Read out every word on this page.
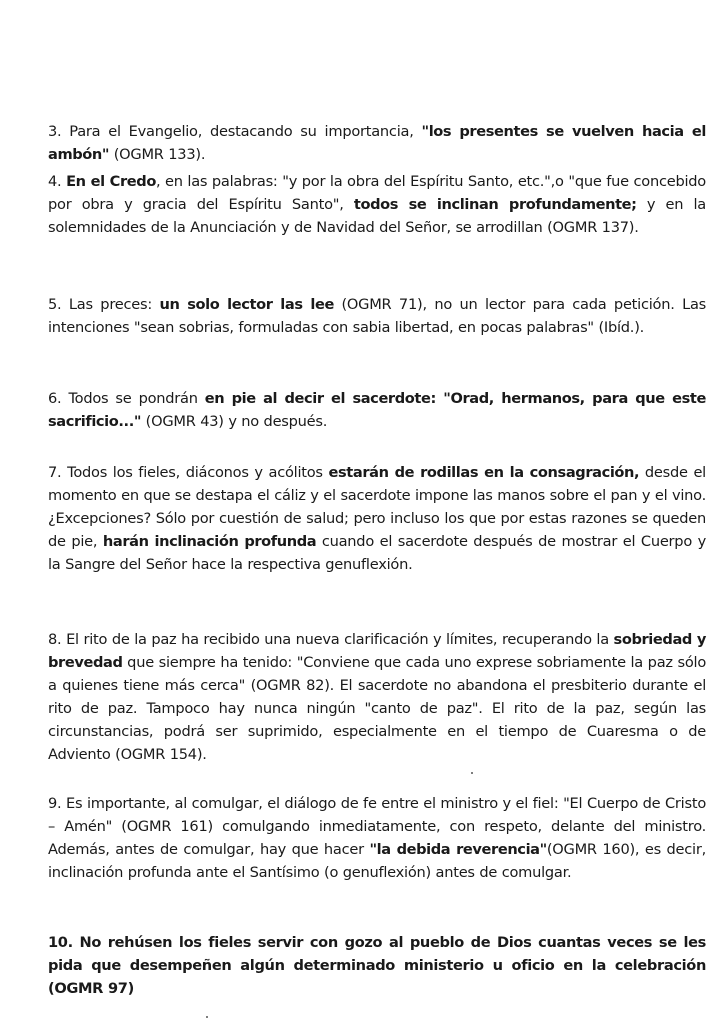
3. Para el Evangelio, destacando su importancia, "los presentes se vuelven hacia el ambón" (OGMR 133).

4. En el Credo, en las palabras: "y por la obra del Espíritu Santo, etc.",o "que fue concebido por obra y gracia del Espíritu Santo", todos se inclinan profundamente; y en la solemnidades de la Anunciación y de Navidad del Señor, se arrodillan (OGMR 137).

5. Las preces: un solo lector las lee (OGMR 71), no un lector para cada petición. Las intenciones "sean sobrias, formuladas con sabia libertad, en pocas palabras" (Ibíd.).

6. Todos se pondrán en pie al decir el sacerdote: "Orad, hermanos, para que este sacrificio..." (OGMR 43) y no después.

7. Todos los fieles, diáconos y acólitos estarán de rodillas en la consagración, desde el momento en que se destapa el cáliz y el sacerdote impone las manos sobre el pan y el vino. ¿Excepciones? Sólo por cuestión de salud; pero incluso los que por estas razones se queden de pie, harán inclinación profunda cuando el sacerdote después de mostrar el Cuerpo y la Sangre del Señor hace la respectiva genuflexión.

8. El rito de la paz ha recibido una nueva clarificación y límites, recuperando la sobriedad y brevedad que siempre ha tenido: "Conviene que cada uno exprese sobriamente la paz sólo a quienes tiene más cerca" (OGMR 82). El sacerdote no abandona el presbiterio durante el rito de paz. Tampoco hay nunca ningún "canto de paz". El rito de la paz, según las circunstancias, podrá ser suprimido, especialmente en el tiempo de Cuaresma o de Adviento (OGMR 154).

9. Es importante, al comulgar, el diálogo de fe entre el ministro y el fiel: "El Cuerpo de Cristo – Amén" (OGMR 161) comulgando inmediatamente, con respeto, delante del ministro. Además, antes de comulgar, hay que hacer "la debida reverencia"(OGMR 160), es decir, inclinación profunda ante el Santísimo (o genuflexión) antes de comulgar.

10. No rehúsen los fieles servir con gozo al pueblo de Dios cuantas veces se les pida que desempeñen algún determinado ministerio u oficio en la celebración (OGMR 97)
